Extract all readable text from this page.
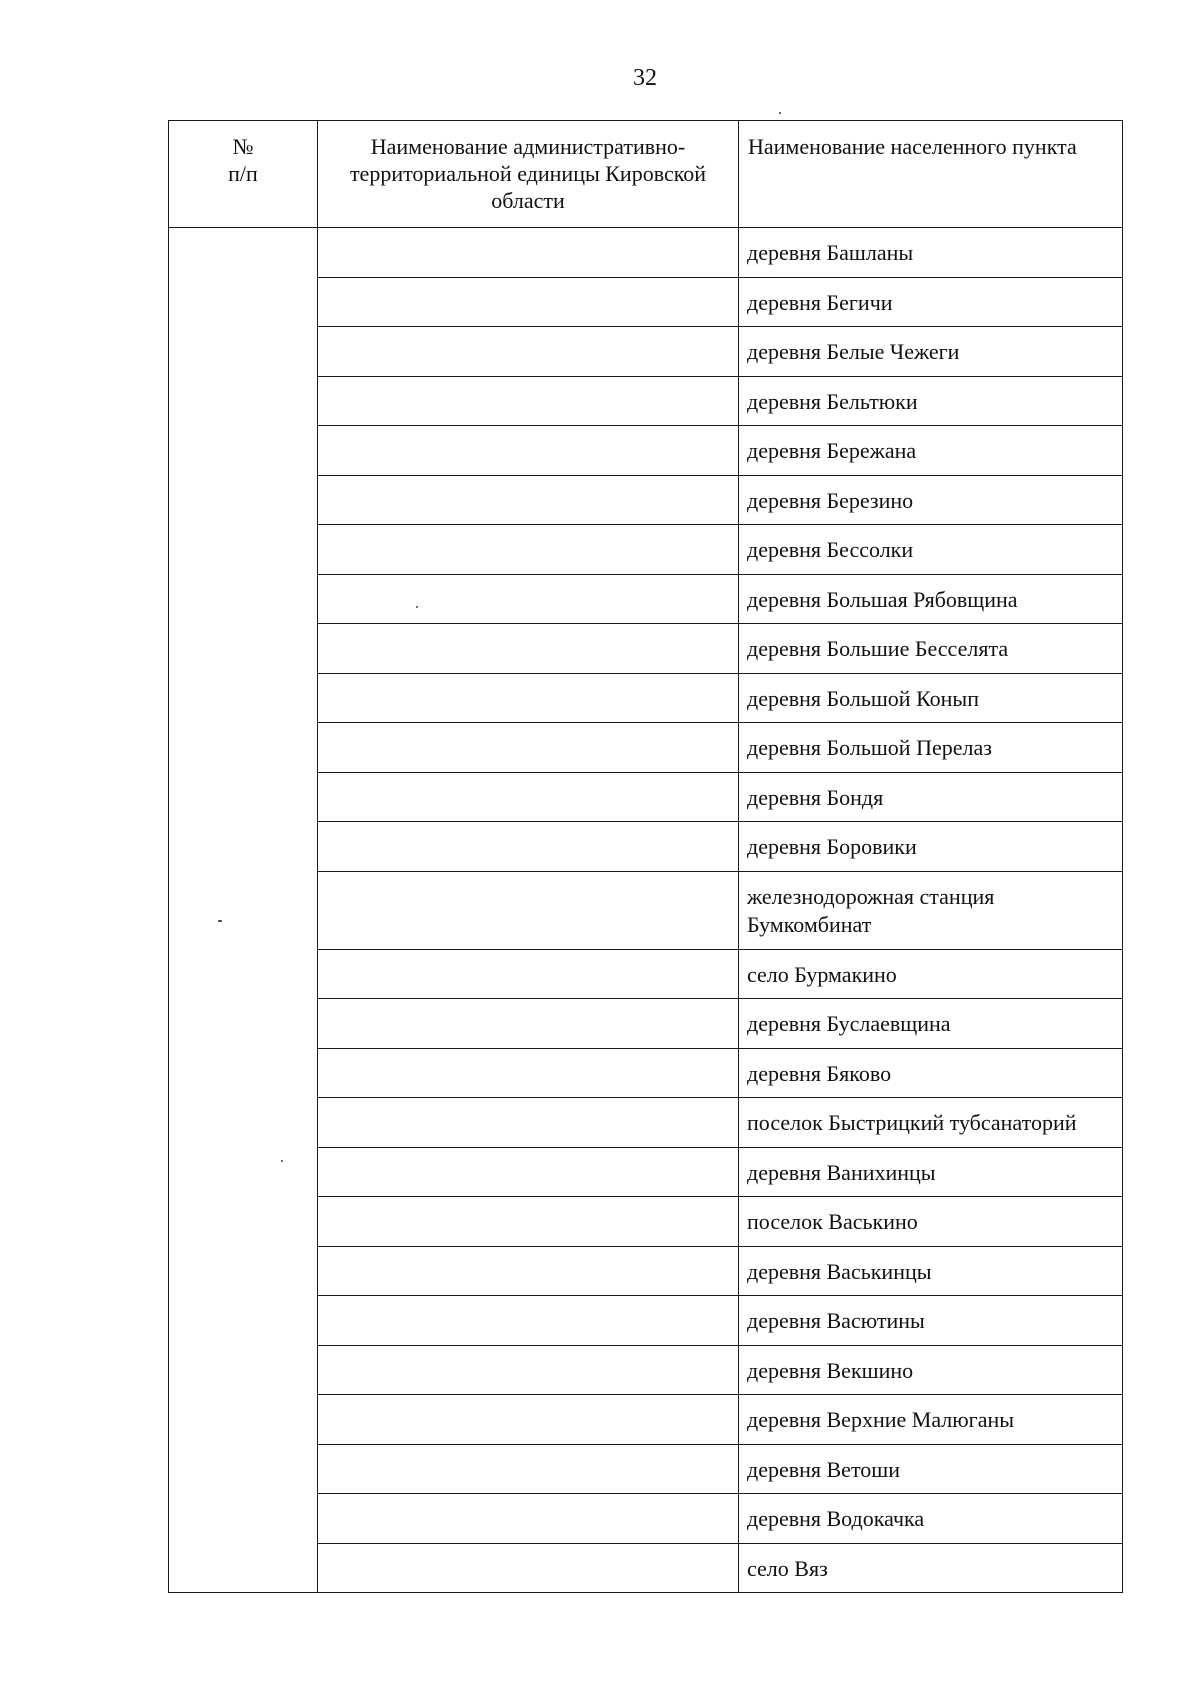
32
№
п/п	Наименование административно-территориальной единицы Кировской области	Наименование населенного пункта
		деревня Башланы
		деревня Бегичи
		деревня Белые Чежеги
		деревня Бельтюки
		деревня Бережана
		деревня Березино
		деревня Бессолки
		деревня Большая Рябовщина
		деревня Большие Бесселята
		деревня Большой Конып
		деревня Большой Перелаз
		деревня Бондя
		деревня Боровики
		железнодорожная станция
Бумкомбинат
		село Бурмакино
		деревня Буслаевщина
		деревня Бяково
		поселок Быстрицкий тубсанаторий
		деревня Ванихинцы
		поселок Васькино
		деревня Васькинцы
		деревня Васютины
		деревня Векшино
		деревня Верхние Малюганы
		деревня Ветоши
		деревня Водокачка
		село Вяз
